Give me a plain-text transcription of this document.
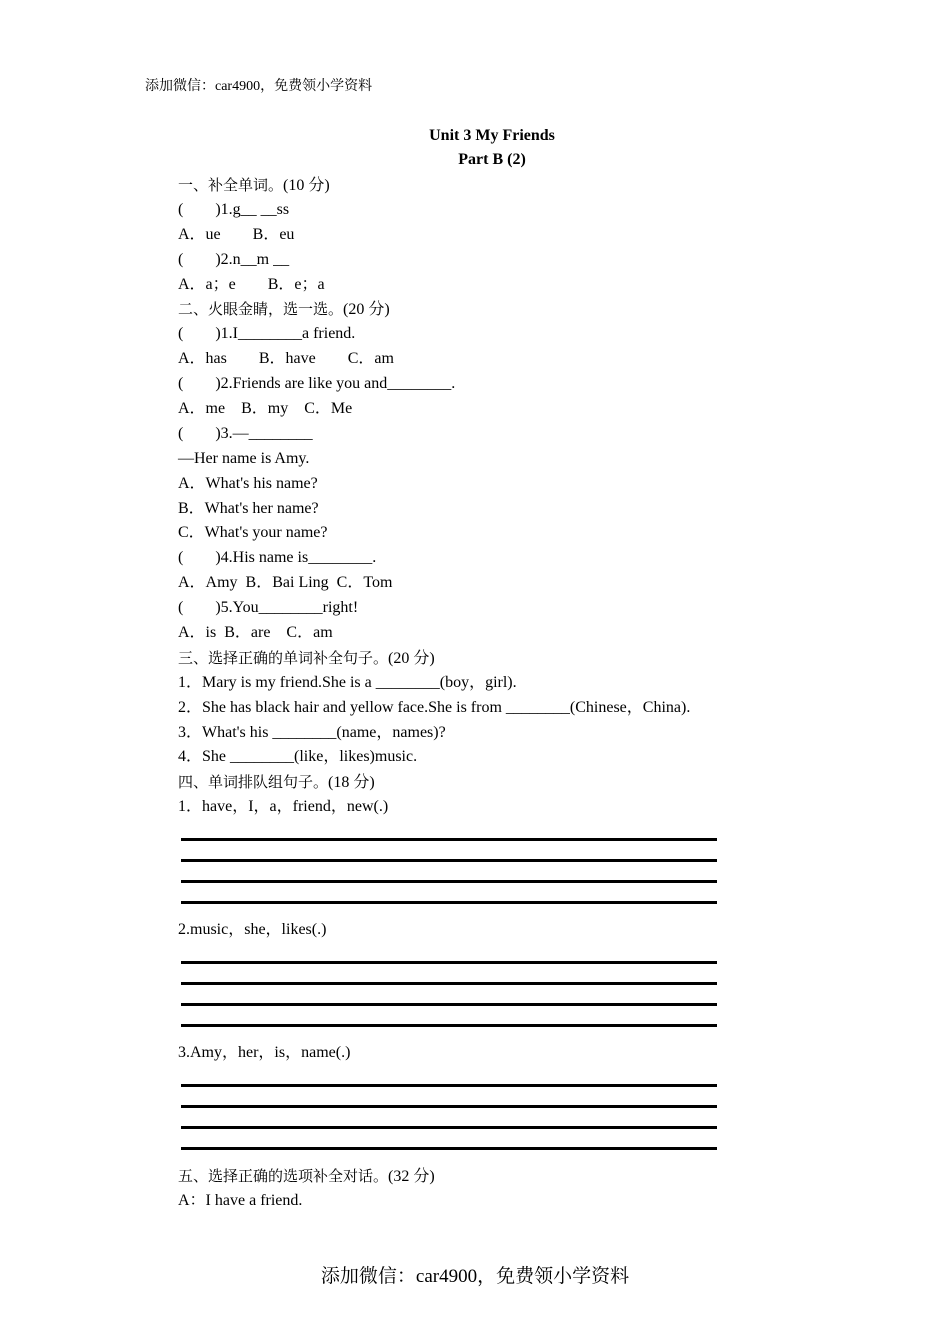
添加微信：car4900，免费领小学资料
Unit 3 My Friends
Part B (2)
一、补全单词。(10 分)
(        )1.g__ __ss
A．ue        B．eu
(        )2.n__m __
A．a；e        B．e；a
二、火眼金睛，选一选。(20 分)
(        )1.I________a friend.
A．has        B．have        C．am
(        )2.Friends are like you and________.
A．me    B．my    C．Me
(        )3.—________
—Her name is Amy.
A．What's his name?
B．What's her name?
C．What's your name?
(        )4.His name is________.
A．Amy  B．Bai Ling  C．Tom
(        )5.You________right!
A．is  B．are    C．am
三、选择正确的单词补全句子。(20 分)
1．Mary is my friend.She is a ________(boy，girl).
2．She has black hair and yellow face.She is from ________(Chinese，China).
3．What's his ________(name，names)?
4．She ________(like，likes)music.
四、单词排队组句子。(18 分)
1．have，I，a，friend，new(.)
2.music，she，likes(.)
3.Amy，her，is，name(.)
五、选择正确的选项补全对话。(32 分)
A：I have a friend.
添加微信：car4900，免费领小学资料
